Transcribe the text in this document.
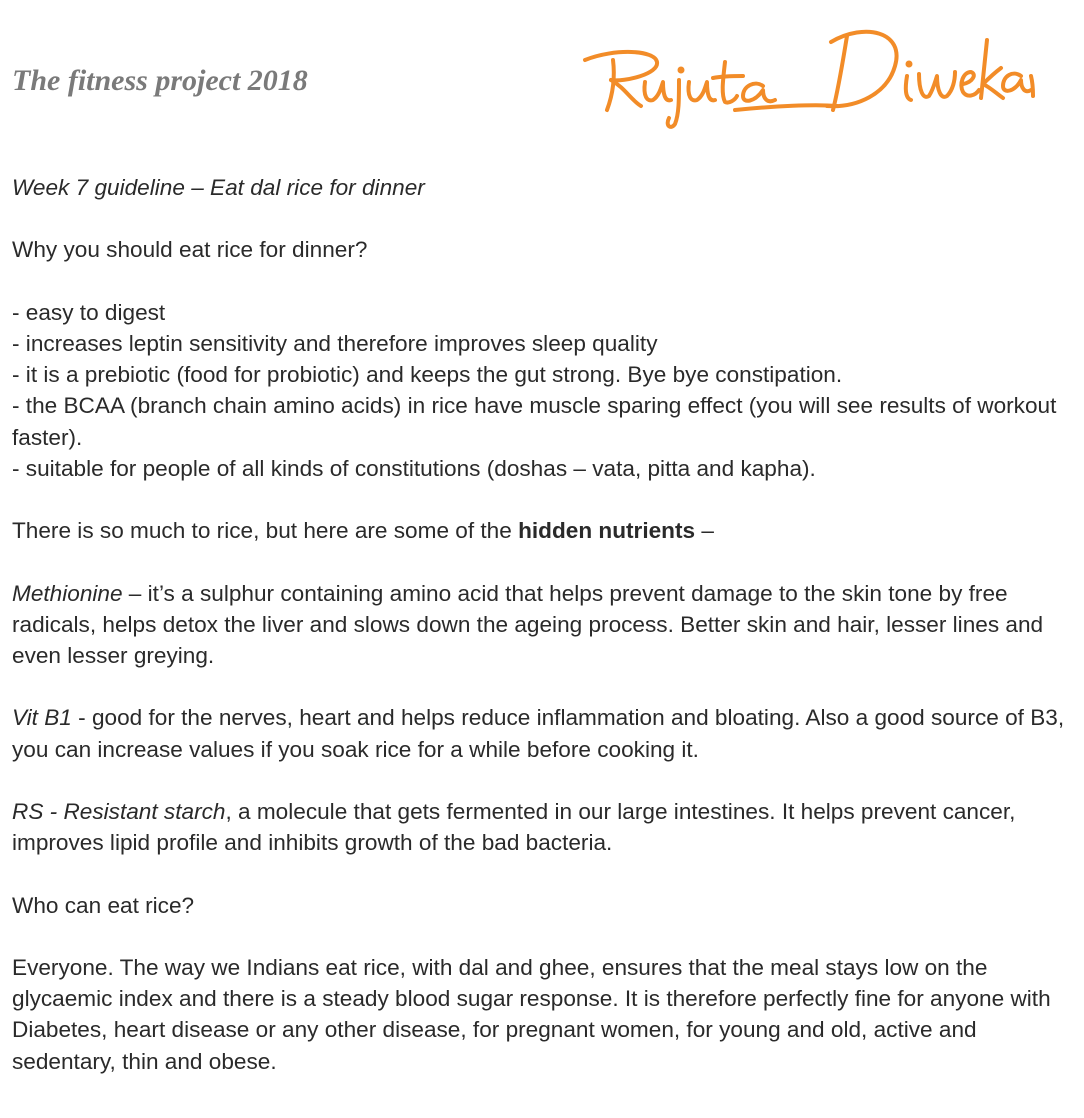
The fitness project 2018

Week 7 guideline – Eat dal rice for dinner

Why you should eat rice for dinner?

- easy to digest

- increases leptin sensitivity and therefore improves sleep quality

- it is a prebiotic (food for probiotic) and keeps the gut strong. Bye bye constipation.

- the BCAA (branch chain amino acids) in rice have muscle sparing effect (you will see results of workout faster).

- suitable for people of all kinds of constitutions (doshas – vata, pitta and kapha).

There is so much to rice, but here are some of the hidden nutrients –

Methionine – it’s a sulphur containing amino acid that helps prevent damage to the skin tone by free radicals, helps detox the liver and slows down the ageing process. Better skin and hair, lesser lines and even lesser greying.

Vit B1 - good for the nerves, heart and helps reduce inflammation and bloating. Also a good source of B3, you can increase values if you soak rice for a while before cooking it.

RS - Resistant starch, a molecule that gets fermented in our large intestines. It helps prevent cancer, improves lipid profile and inhibits growth of the bad bacteria.

Who can eat rice?

Everyone. The way we Indians eat rice, with dal and ghee, ensures that the meal stays low on the glycaemic index and there is a steady blood sugar response. It is therefore perfectly fine for anyone with Diabetes, heart disease or any other disease, for pregnant women, for young and old, active and sedentary, thin and obese.
